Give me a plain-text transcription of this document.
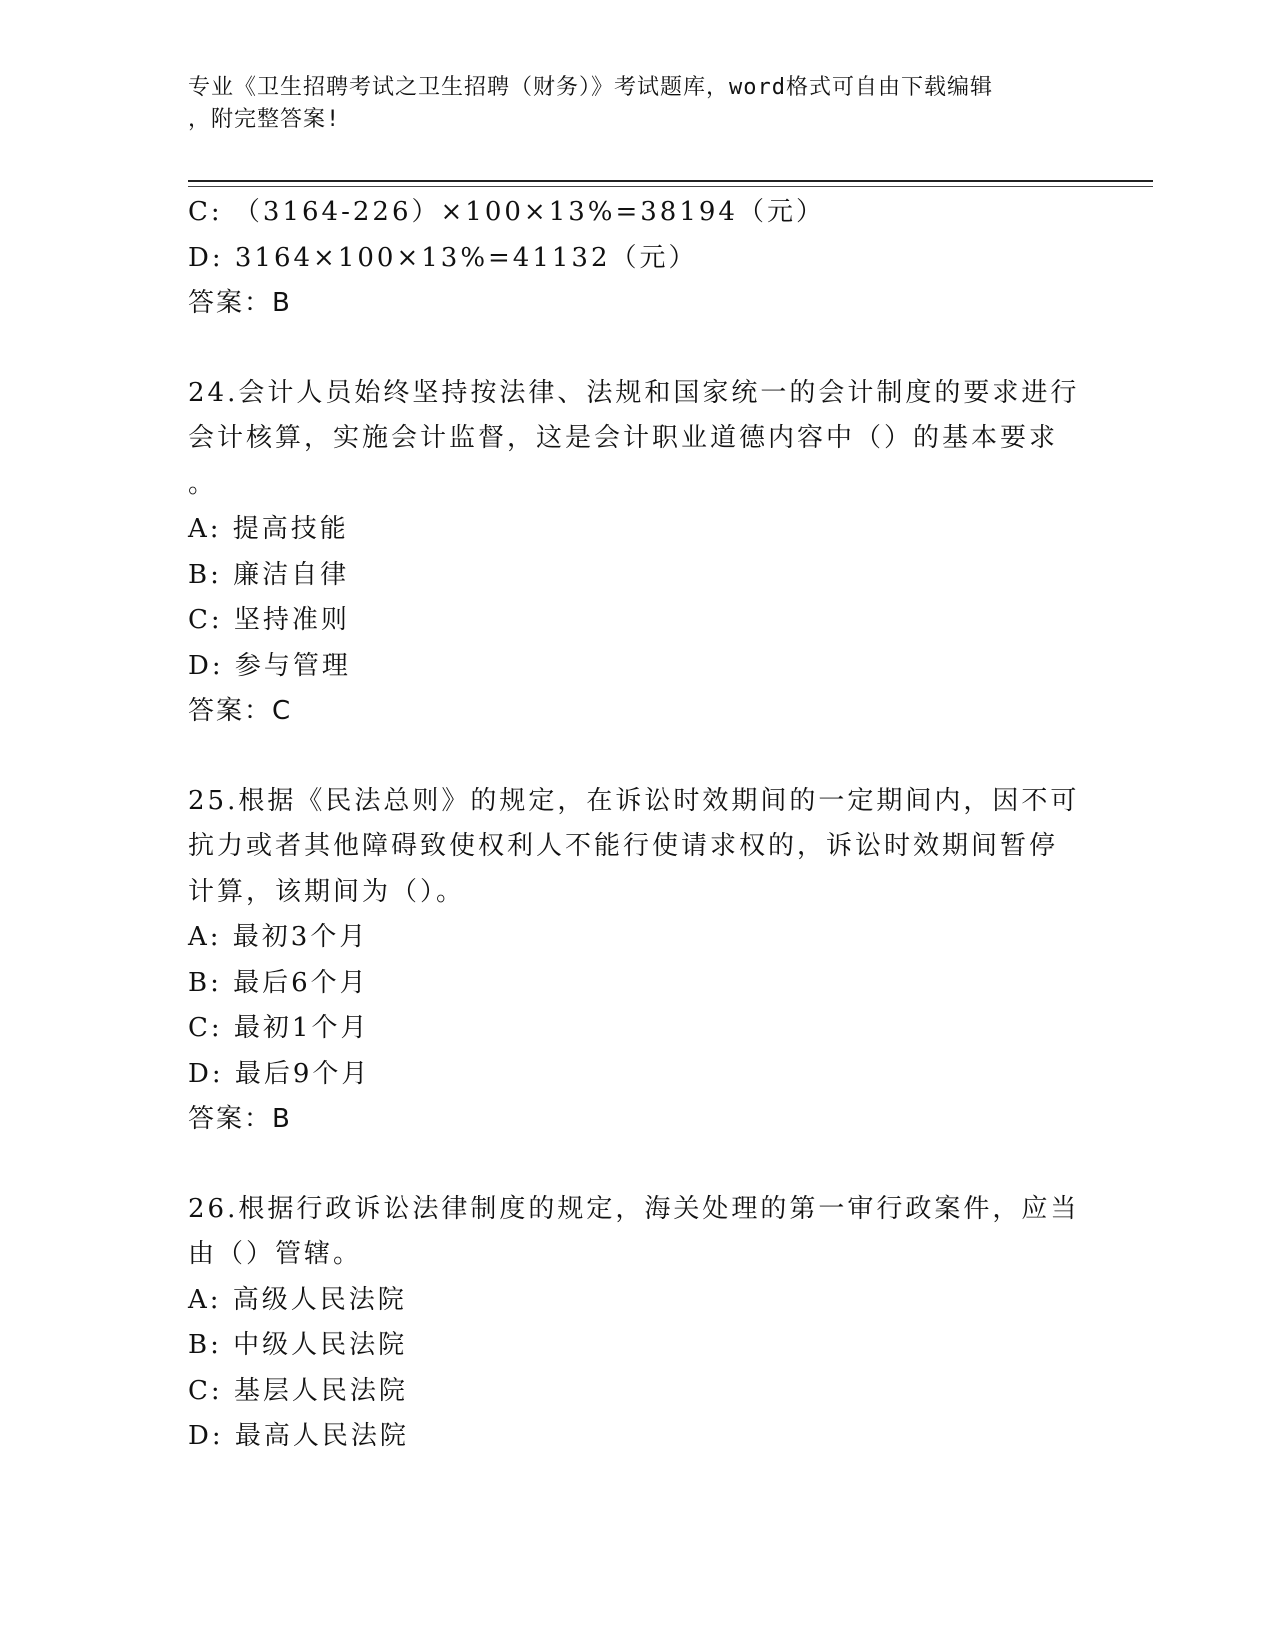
专业《卫生招聘考试之卫生招聘（财务）》考试题库，word格式可自由下载编辑
，附完整答案!
C: （3164-226）×100×13%=38194（元）
D: 3164×100×13%=41132（元）
答案：B
24.会计人员始终坚持按法律、法规和国家统一的会计制度的要求进行
会计核算，实施会计监督，这是会计职业道德内容中（）的基本要求
。
A: 提高技能
B: 廉洁自律
C: 坚持准则
D: 参与管理
答案：C
25.根据《民法总则》的规定，在诉讼时效期间的一定期间内，因不可
抗力或者其他障碍致使权利人不能行使请求权的，诉讼时效期间暂停
计算，该期间为（）。
A: 最初3个月
B: 最后6个月
C: 最初1个月
D: 最后9个月
答案：B
26.根据行政诉讼法律制度的规定，海关处理的第一审行政案件，应当
由（）管辖。
A: 高级人民法院
B: 中级人民法院
C: 基层人民法院
D: 最高人民法院
